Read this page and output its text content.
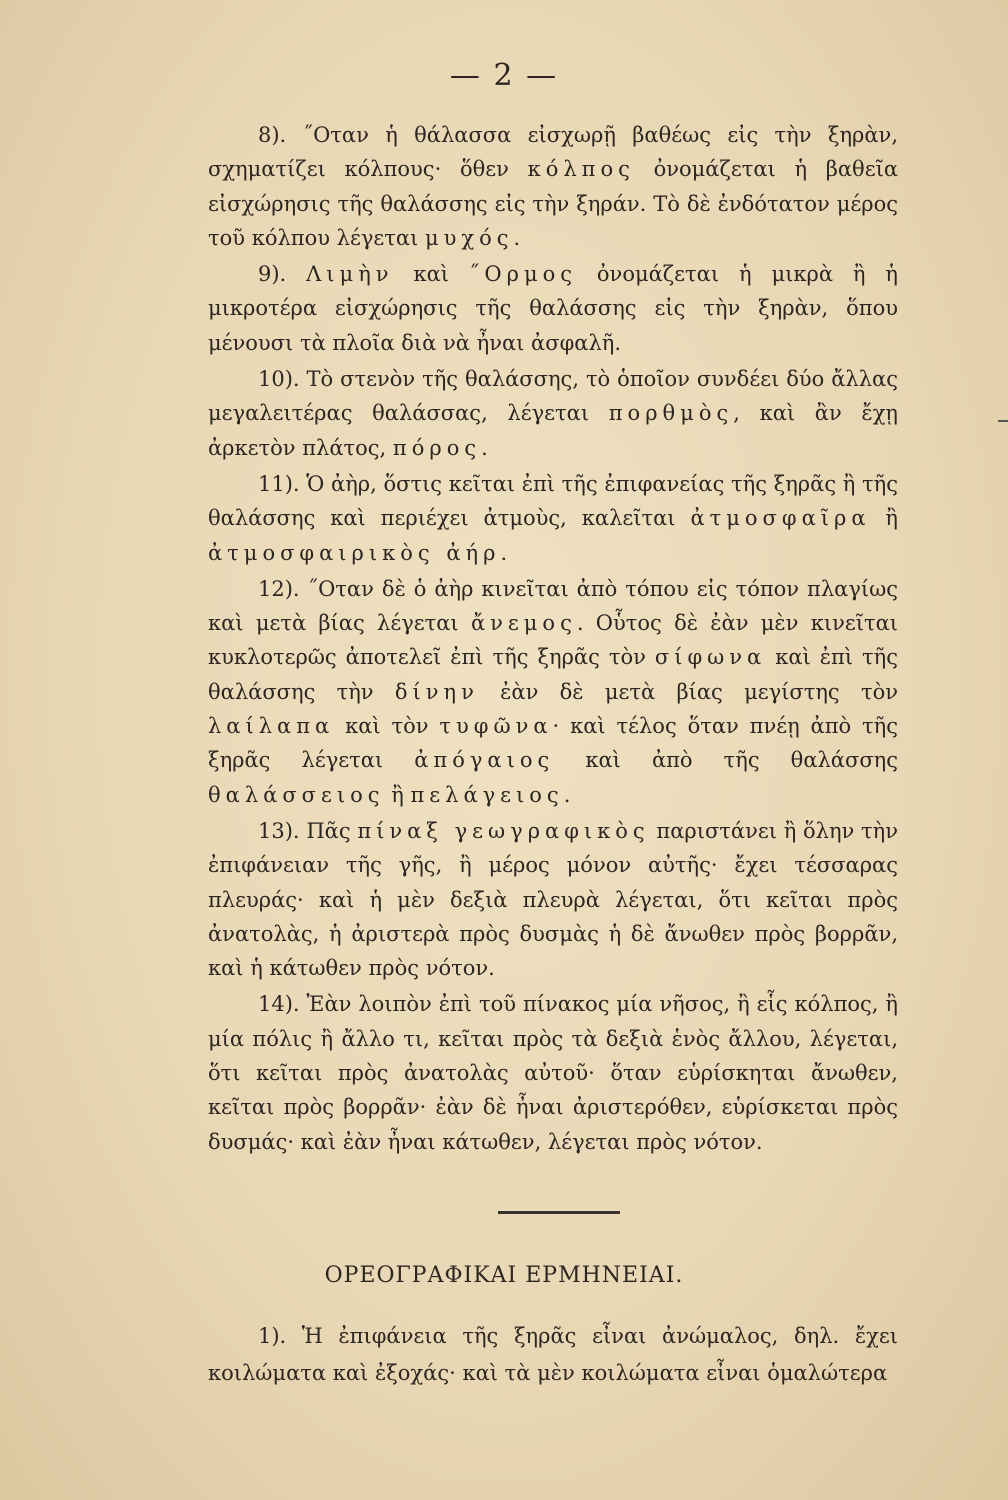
— 2 —

8). ˝Οταν ἡ θάλασσα εἰσχωρῇ βαθέως εἰς τὴν ξηρὰν, σχηματίζει κόλπους· ὅθεν κόλπος ὀνομάζεται ἡ βαθεῖα εἰσχώρησις τῆς θαλάσσης εἰς τὴν ξηράν. Τὸ δὲ ἐνδότατον μέρος τοῦ κόλπου λέγεται μυχός.

9). Λιμὴν καὶ ˝Ορμος ὀνομάζεται ἡ μικρὰ ἢ ἡ μικροτέρα εἰσχώρησις τῆς θαλάσσης εἰς τὴν ξηρὰν, ὅπου μένουσι τὰ πλοῖα διὰ νὰ ἦναι ἀσφαλῆ.

10). Τὸ στενὸν τῆς θαλάσσης, τὸ ὁποῖον συνδέει δύο ἄλλας μεγαλειτέρας θαλάσσας, λέγεται πορθμὸς, καὶ ἂν ἔχῃ ἀρκετὸν πλάτος, πόρος.

11). Ὁ ἀὴρ, ὅστις κεῖται ἐπὶ τῆς ἐπιφανείας τῆς ξηρᾶς ἢ τῆς θαλάσσης καὶ περιέχει ἀτμοὺς, καλεῖται ἀτμοσφαῖρα ἢ ἀτμοσφαιρικὸς ἀήρ.

12). ˝Οταν δὲ ὁ ἀὴρ κινεῖται ἀπὸ τόπου εἰς τόπον πλαγίως καὶ μετὰ βίας λέγεται ἄνεμος. Οὗτος δὲ ἐὰν μὲν κινεῖται κυκλοτερῶς ἀποτελεῖ ἐπὶ τῆς ξηρᾶς τὸν σίφωνα καὶ ἐπὶ τῆς θαλάσσης τὴν δίνην ἐὰν δὲ μετὰ βίας μεγίστης τὸν λαίλαπα καὶ τὸν τυφῶνα· καὶ τέλος ὅταν πνέῃ ἀπὸ τῆς ξηρᾶς λέγεται ἀπόγαιος καὶ ἀπὸ τῆς θαλάσσης θαλάσσειος ἢ πελάγειος.

13). Πᾶς πίναξ γεωγραφικὸς παριστάνει ἢ ὅλην τὴν ἐπιφάνειαν τῆς γῆς, ἢ μέρος μόνον αὐτῆς· ἔχει τέσσαρας πλευράς· καὶ ἡ μὲν δεξιὰ πλευρὰ λέγεται, ὅτι κεῖται πρὸς ἀνατολὰς, ἡ ἀριστερὰ πρὸς δυσμὰς ἡ δὲ ἄνωθεν πρὸς βορρᾶν, καὶ ἡ κάτωθεν πρὸς νότον.

14). Ἐὰν λοιπὸν ἐπὶ τοῦ πίνακος μία νῆσος, ἢ εἷς κόλπος, ἢ μία πόλις ἢ ἄλλο τι, κεῖται πρὸς τὰ δεξιὰ ἑνὸς ἄλλου, λέγεται, ὅτι κεῖται πρὸς ἀνατολὰς αὐτοῦ· ὅταν εὑρίσκηται ἄνωθεν, κεῖται πρὸς βορρᾶν· ἐὰν δὲ ἦναι ἀριστερόθεν, εὑρίσκεται πρὸς δυσμάς· καὶ ἐὰν ἦναι κάτωθεν, λέγεται πρὸς νότον.

ΟΡΕΟΓΡΑΦΙΚΑΙ ΕΡΜΗΝΕΙΑΙ.

1). Ἡ ἐπιφάνεια τῆς ξηρᾶς εἶναι ἀνώμαλος, δηλ. ἔχει κοιλώματα καὶ ἐξοχάς· καὶ τὰ μὲν κοιλώματα εἶναι ὁμαλώτερα
